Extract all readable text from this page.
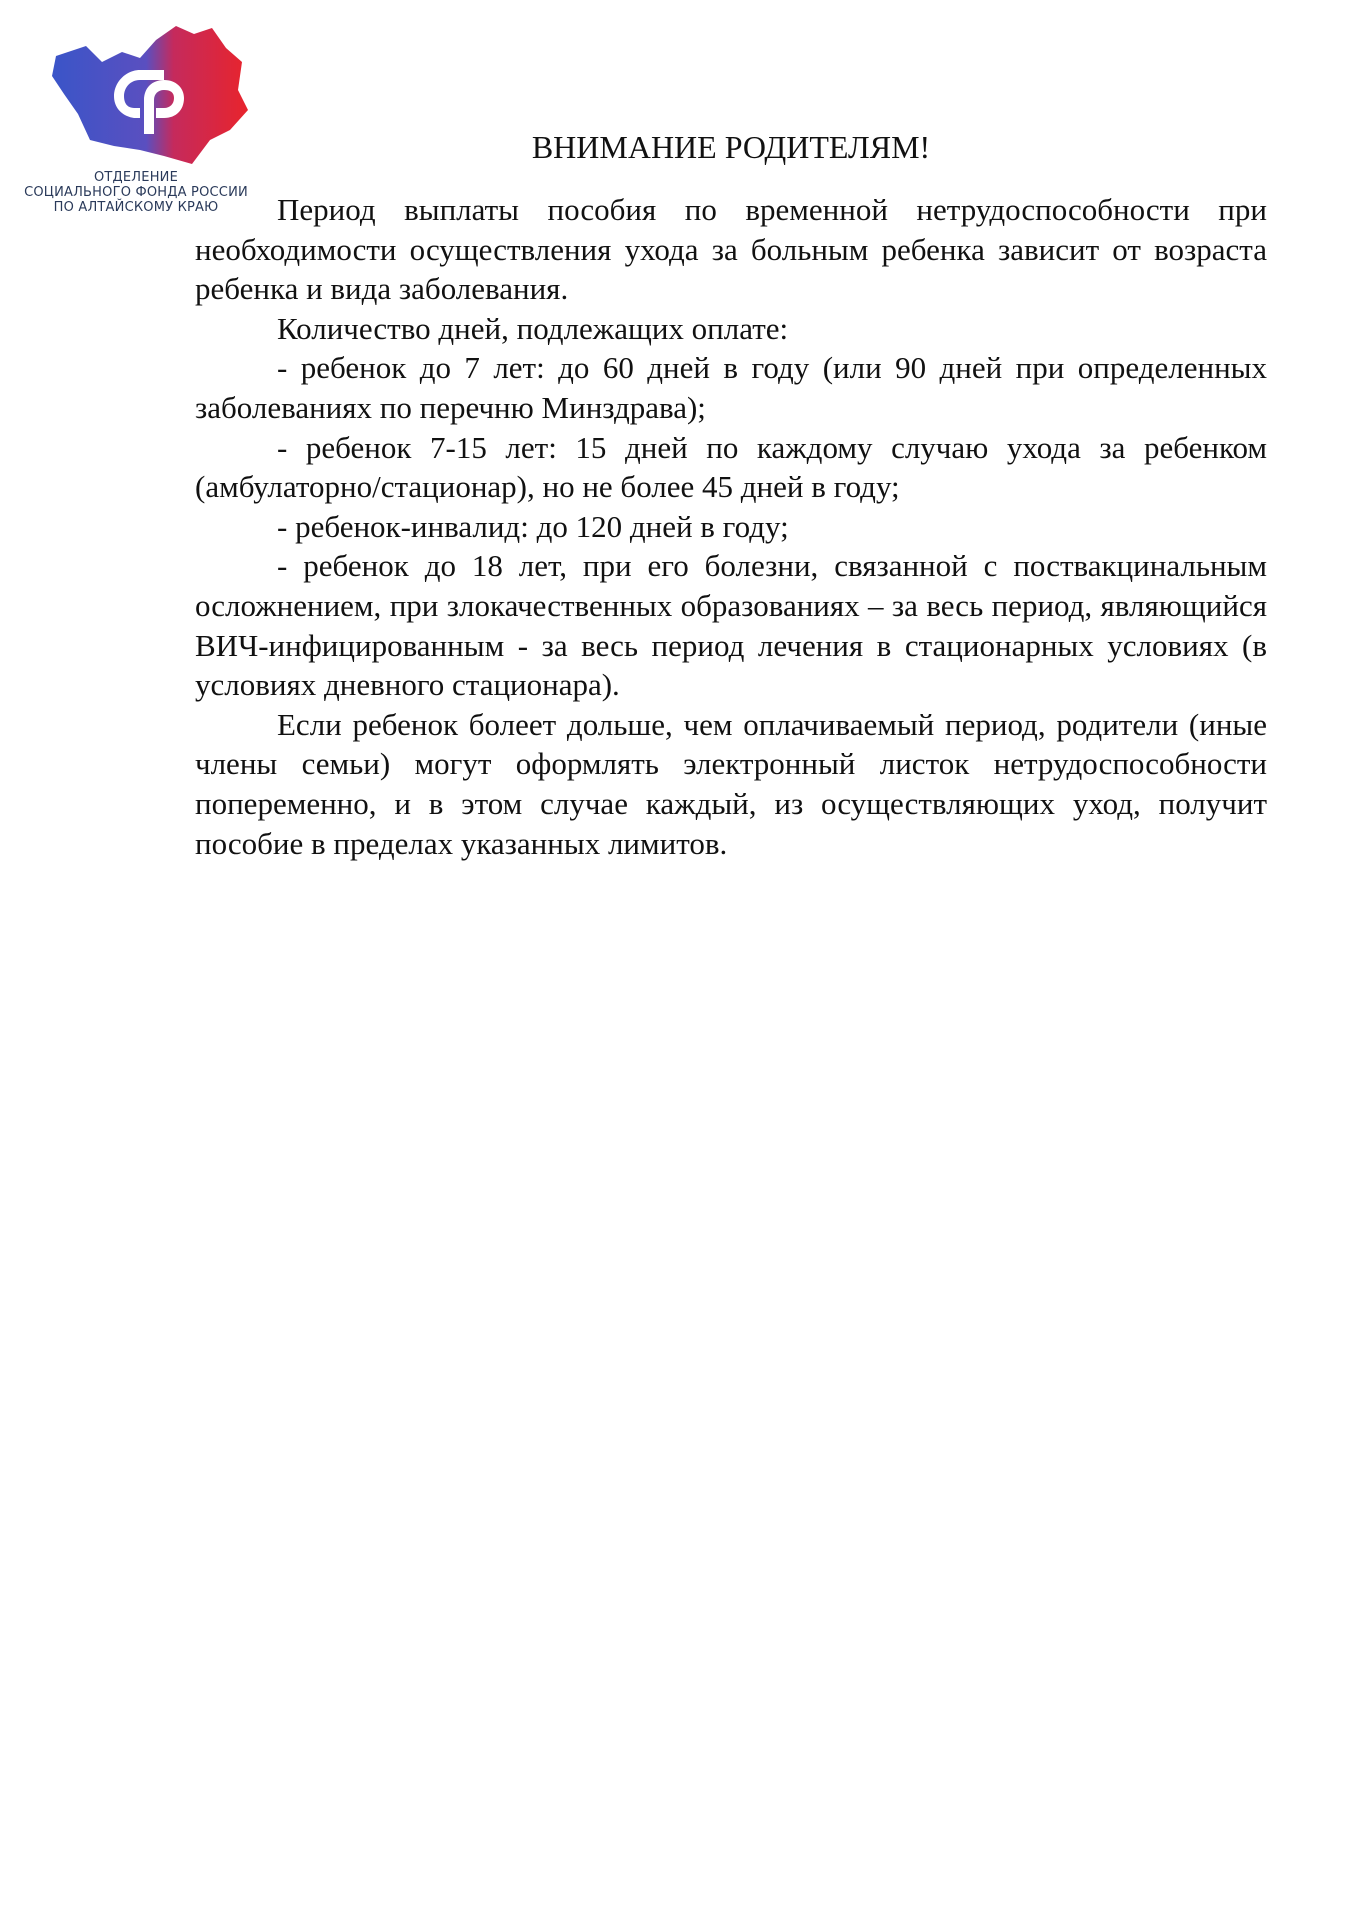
ОТДЕЛЕНИЕ
СОЦИАЛЬНОГО ФОНДА РОССИИ
ПО АЛТАЙСКОМУ КРАЮ
ВНИМАНИЕ РОДИТЕЛЯМ!

Период выплаты пособия по временной нетрудоспособности при необходимости осуществления ухода за больным ребенка зависит от возраста ребенка и вида заболевания.

Количество дней, подлежащих оплате:

- ребенок до 7 лет: до 60 дней в году (или 90 дней при определенных заболеваниях по перечню Минздрава);

- ребенок 7-15 лет: 15 дней по каждому случаю ухода за ребенком (амбулаторно/стационар), но не более 45 дней в году;

- ребенок-инвалид: до 120 дней в году;

- ребенок до 18 лет, при его болезни, связанной с поствакцинальным осложнением, при злокачественных образованиях – за весь период, являющийся ВИЧ-инфицированным - за весь период лечения в стационарных условиях (в условиях дневного стационара).

Если ребенок болеет дольше, чем оплачиваемый период, родители (иные члены семьи) могут оформлять электронный листок нетрудоспособности попеременно, и в этом случае каждый, из осуществляющих уход, получит пособие в пределах указанных лимитов.
